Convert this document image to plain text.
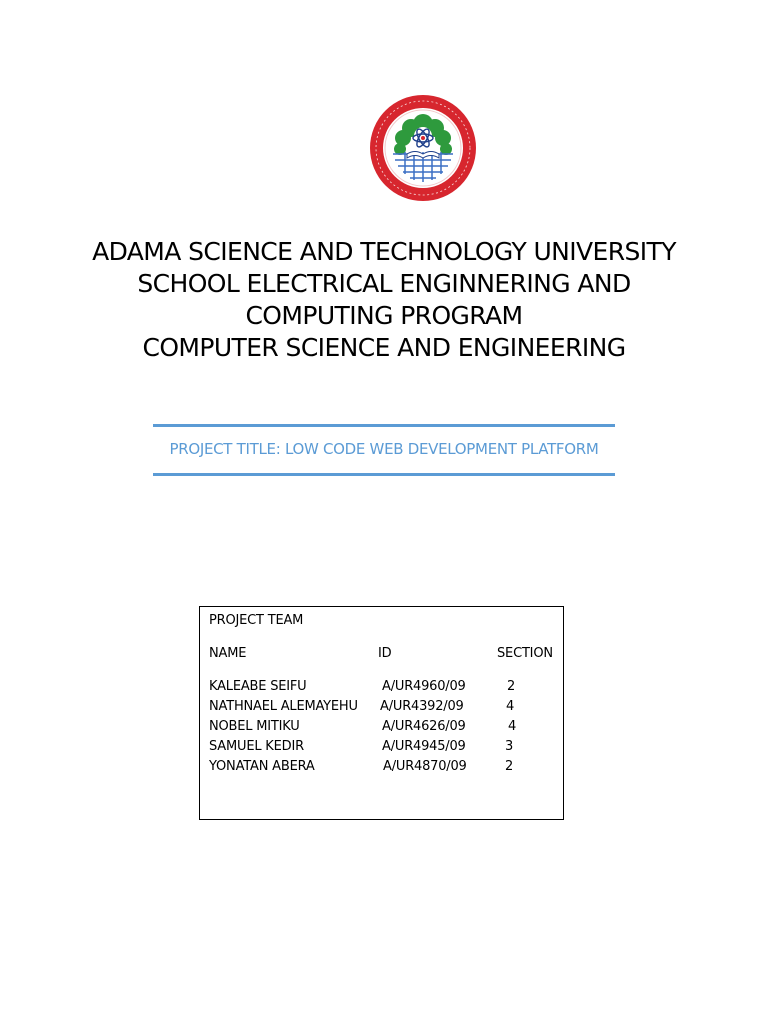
ADAMA SCIENCE AND TECHNOLOGY UNIVERSITY
SCHOOL ELECTRICAL ENGINNERING AND
COMPUTING PROGRAM
COMPUTER SCIENCE AND ENGINEERING
PROJECT TITLE: LOW CODE WEB DEVELOPMENT PLATFORM
PROJECT TEAM
NAME	ID	SECTION
KALEABE SEIFU	A/UR4960/09	2
NATHNAEL ALEMAYEHU A/UR4392/09	4
NOBEL MITIKU	A/UR4626/09	4
SAMUEL KEDIR	A/UR4945/09	3
YONATAN ABERA	A/UR4870/09	2
